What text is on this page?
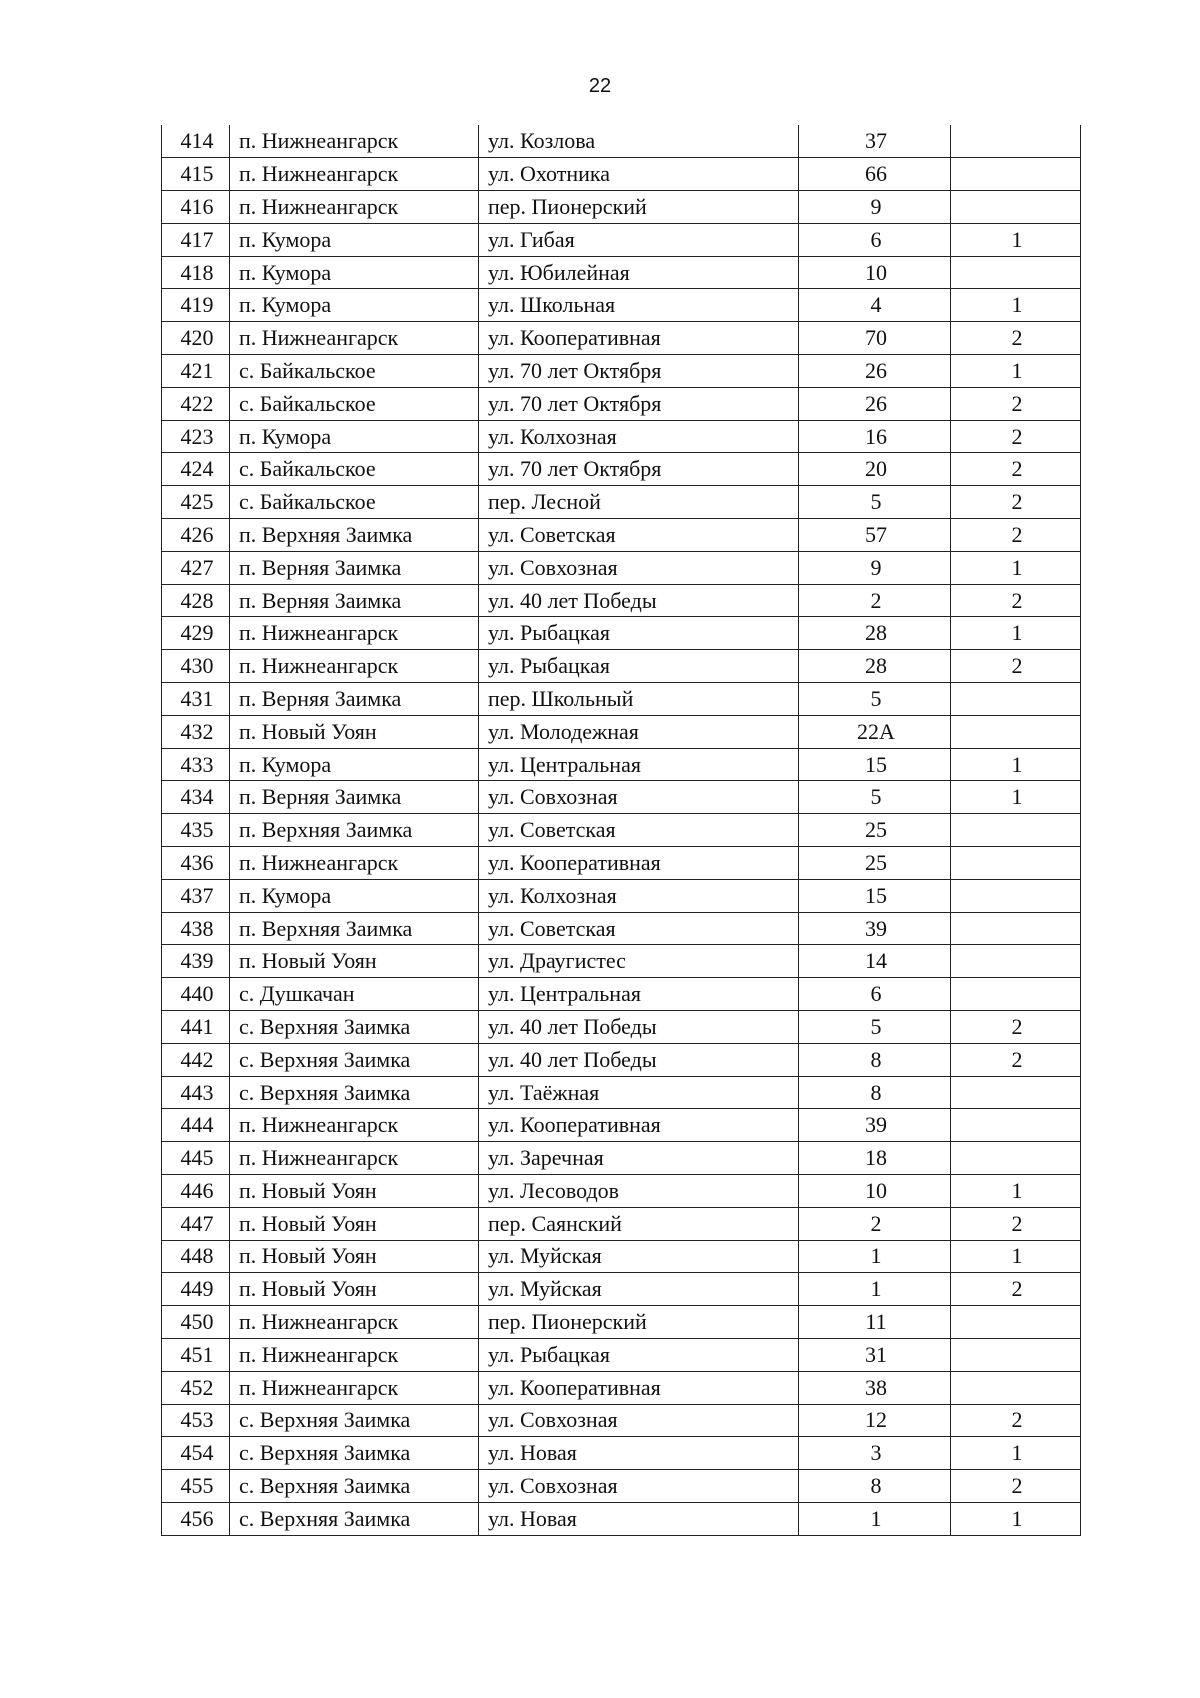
22
414	п. Нижнеангарск	ул. Козлова	37	
415	п. Нижнеангарск	ул. Охотника	66	
416	п. Нижнеангарск	пер. Пионерский	9	
417	п. Кумора	ул. Гибая	6	1
418	п. Кумора	ул. Юбилейная	10	
419	п. Кумора	ул. Школьная	4	1
420	п. Нижнеангарск	ул. Кооперативная	70	2
421	с. Байкальское	ул. 70 лет Октября	26	1
422	с. Байкальское	ул. 70 лет Октября	26	2
423	п. Кумора	ул. Колхозная	16	2
424	с. Байкальское	ул. 70 лет Октября	20	2
425	с. Байкальское	пер. Лесной	5	2
426	п. Верхняя Заимка	ул. Советская	57	2
427	п. Верняя Заимка	ул. Совхозная	9	1
428	п. Верняя Заимка	ул. 40 лет Победы	2	2
429	п. Нижнеангарск	ул. Рыбацкая	28	1
430	п. Нижнеангарск	ул. Рыбацкая	28	2
431	п. Верняя Заимка	пер. Школьный	5	
432	п. Новый Уоян	ул. Молодежная	22А	
433	п. Кумора	ул. Центральная	15	1
434	п. Верняя Заимка	ул. Совхозная	5	1
435	п. Верхняя Заимка	ул. Советская	25	
436	п. Нижнеангарск	ул. Кооперативная	25	
437	п. Кумора	ул. Колхозная	15	
438	п. Верхняя Заимка	ул. Советская	39	
439	п. Новый Уоян	ул. Драугистес	14	
440	с. Душкачан	ул. Центральная	6	
441	с. Верхняя Заимка	ул. 40 лет Победы	5	2
442	с. Верхняя Заимка	ул. 40 лет Победы	8	2
443	с. Верхняя Заимка	ул. Таёжная	8	
444	п. Нижнеангарск	ул. Кооперативная	39	
445	п. Нижнеангарск	ул. Заречная	18	
446	п. Новый Уоян	ул. Лесоводов	10	1
447	п. Новый Уоян	пер. Саянский	2	2
448	п. Новый Уоян	ул. Муйская	1	1
449	п. Новый Уоян	ул. Муйская	1	2
450	п. Нижнеангарск	пер. Пионерский	11	
451	п. Нижнеангарск	ул. Рыбацкая	31	
452	п. Нижнеангарск	ул. Кооперативная	38	
453	с. Верхняя Заимка	ул. Совхозная	12	2
454	с. Верхняя Заимка	ул. Новая	3	1
455	с. Верхняя Заимка	ул. Совхозная	8	2
456	с. Верхняя Заимка	ул. Новая	1	1
